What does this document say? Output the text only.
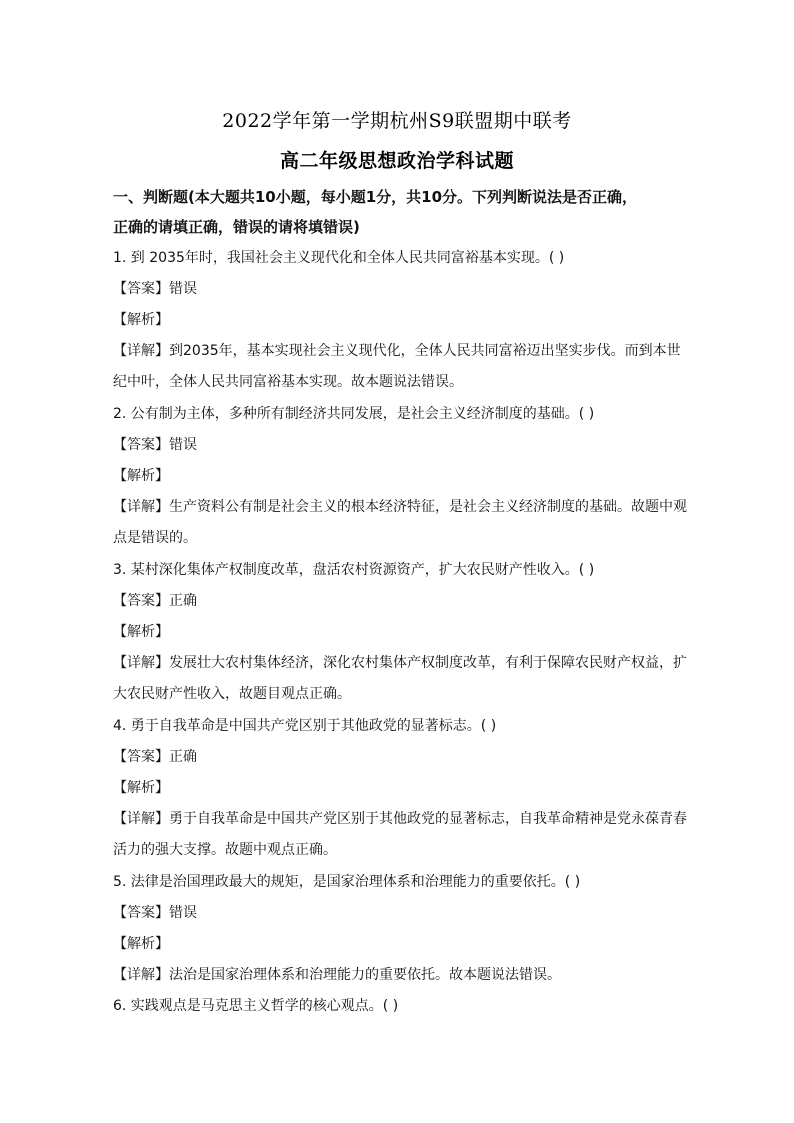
2022学年第一学期杭州S9联盟期中联考
高二年级思想政治学科试题
一、判断题(本大题共10小题，每小题1分，共10分。下列判断说法是否正确，
正确的请填正确，错误的请将填错误)
1. 到 2035年时，我国社会主义现代化和全体人民共同富裕基本实现。( )
【答案】错误
【解析】
【详解】到2035年，基本实现社会主义现代化，全体人民共同富裕迈出坚实步伐。而到本世纪中叶，全体人民共同富裕基本实现。故本题说法错误。
2. 公有制为主体，多种所有制经济共同发展，是社会主义经济制度的基础。( )
【答案】错误
【解析】
【详解】生产资料公有制是社会主义的根本经济特征，是社会主义经济制度的基础。故题中观点是错误的。
3. 某村深化集体产权制度改革，盘活农村资源资产，扩大农民财产性收入。( )
【答案】正确
【解析】
【详解】发展壮大农村集体经济，深化农村集体产权制度改革，有利于保障农民财产权益，扩大农民财产性收入，故题目观点正确。
4. 勇于自我革命是中国共产党区别于其他政党的显著标志。( )
【答案】正确
【解析】
【详解】勇于自我革命是中国共产党区别于其他政党的显著标志，自我革命精神是党永葆青春活力的强大支撑。故题中观点正确。
5. 法律是治国理政最大的规矩，是国家治理体系和治理能力的重要依托。( )
【答案】错误
【解析】
【详解】法治是国家治理体系和治理能力的重要依托。故本题说法错误。
6. 实践观点是马克思主义哲学的核心观点。( )
